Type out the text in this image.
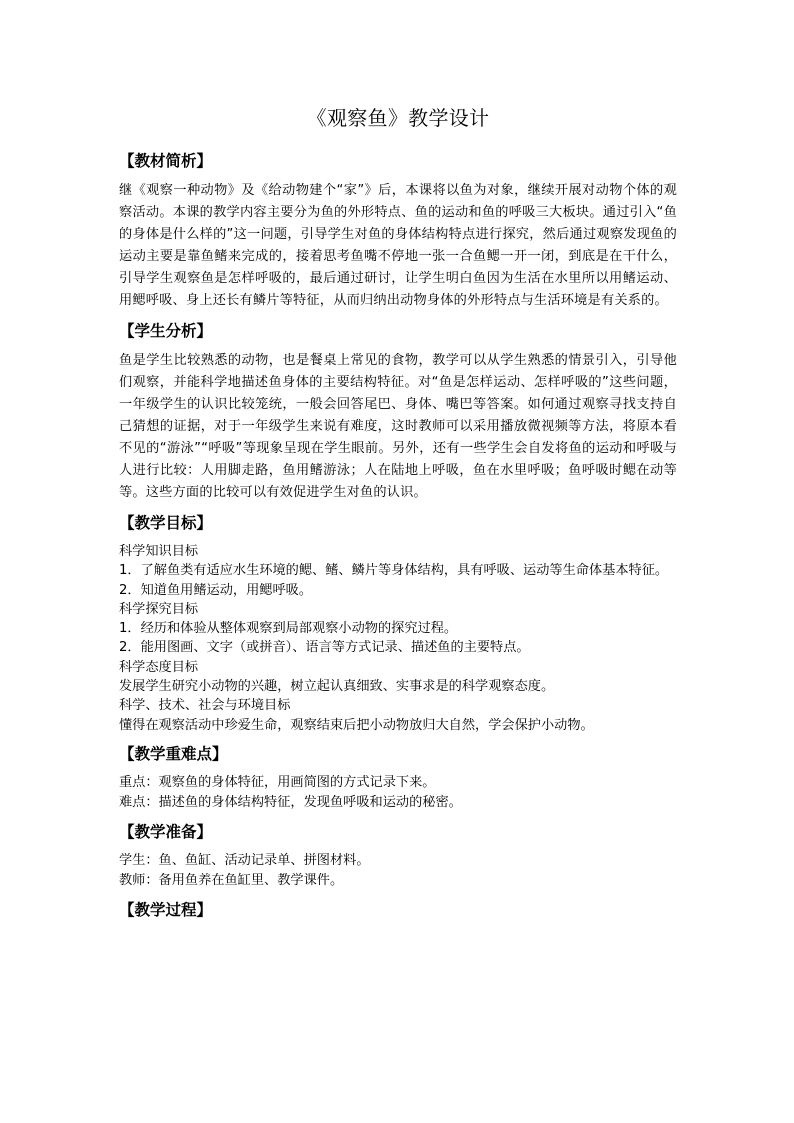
《观察鱼》教学设计
【教材简析】

继《观察一种动物》及《给动物建个“家”》后，本课将以鱼为对象，继续开展对动物个体的观察活动。本课的教学内容主要分为鱼的外形特点、鱼的运动和鱼的呼吸三大板块。通过引入“鱼的身体是什么样的”这一问题，引导学生对鱼的身体结构特点进行探究，然后通过观察发现鱼的运动主要是靠鱼鳍来完成的，接着思考鱼嘴不停地一张一合鱼鳃一开一闭，到底是在干什么，引导学生观察鱼是怎样呼吸的，最后通过研讨，让学生明白鱼因为生活在水里所以用鳍运动、用鳃呼吸、身上还长有鳞片等特征，从而归纳出动物身体的外形特点与生活环境是有关系的。

【学生分析】

鱼是学生比较熟悉的动物，也是餐桌上常见的食物，教学可以从学生熟悉的情景引入，引导他们观察，并能科学地描述鱼身体的主要结构特征。对“鱼是怎样运动、怎样呼吸的”这些问题，一年级学生的认识比较笼统，一般会回答尾巴、身体、嘴巴等答案。如何通过观察寻找支持自己猜想的证据，对于一年级学生来说有难度，这时教师可以采用播放微视频等方法，将原本看不见的“游泳”“呼吸”等现象呈现在学生眼前。另外，还有一些学生会自发将鱼的运动和呼吸与人进行比较：人用脚走路，鱼用鳍游泳；人在陆地上呼吸，鱼在水里呼吸；鱼呼吸时鳃在动等等。这些方面的比较可以有效促进学生对鱼的认识。

【教学目标】

科学知识目标

1．了解鱼类有适应水生环境的鳃、鳍、鳞片等身体结构，具有呼吸、运动等生命体基本特征。

2．知道鱼用鳍运动，用鳃呼吸。

科学探究目标

1．经历和体验从整体观察到局部观察小动物的探究过程。

2．能用图画、文字（或拼音）、语言等方式记录、描述鱼的主要特点。

科学态度目标

发展学生研究小动物的兴趣，树立起认真细致、实事求是的科学观察态度。

科学、技术、社会与环境目标

懂得在观察活动中珍爱生命，观察结束后把小动物放归大自然，学会保护小动物。

【教学重难点】

重点：观察鱼的身体特征，用画简图的方式记录下来。

难点：描述鱼的身体结构特征，发现鱼呼吸和运动的秘密。

【教学准备】

学生：鱼、鱼缸、活动记录单、拼图材料。

教师：备用鱼养在鱼缸里、教学课件。

【教学过程】
